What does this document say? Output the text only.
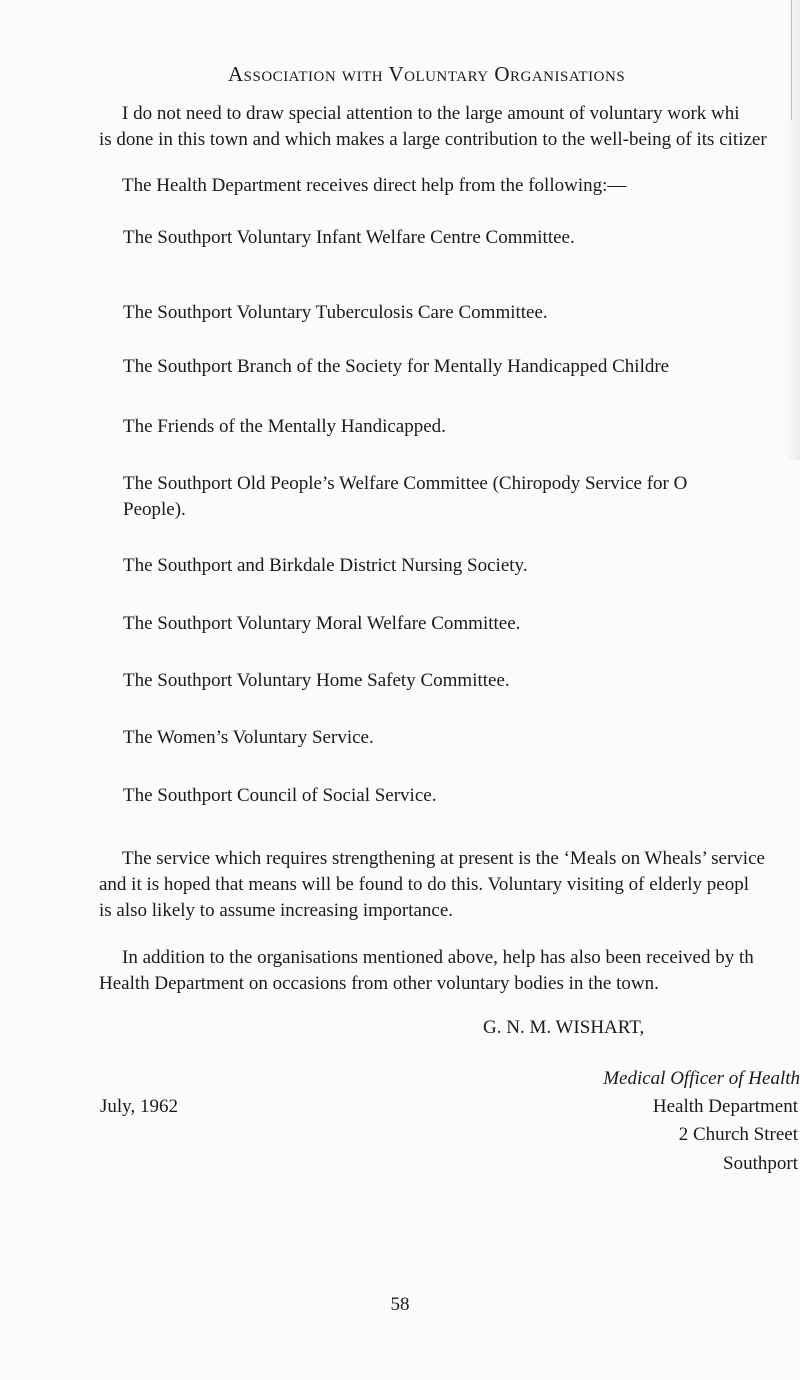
Association with Voluntary Organisations
I do not need to draw special attention to the large amount of voluntary work whi
is done in this town and which makes a large contribution to the well-being of its citizer
The Health Department receives direct help from the following:—
The Southport Voluntary Infant Welfare Centre Committee.
The Southport Voluntary Tuberculosis Care Committee.
The Southport Branch of the Society for Mentally Handicapped Childre
The Friends of the Mentally Handicapped.
The Southport Old People’s Welfare Committee (Chiropody Service for O
People).
The Southport and Birkdale District Nursing Society.
The Southport Voluntary Moral Welfare Committee.
The Southport Voluntary Home Safety Committee.
The Women’s Voluntary Service.
The Southport Council of Social Service.
The service which requires strengthening at present is the ‘Meals on Wheals’ service
and it is hoped that means will be found to do this. Voluntary visiting of elderly peopl
is also likely to assume increasing importance.
In addition to the organisations mentioned above, help has also been received by th
Health Department on occasions from other voluntary bodies in the town.
G. N. M. WISHART,
Medical Officer of Health
July, 1962	Health Department
2 Church Street
Southport
58
